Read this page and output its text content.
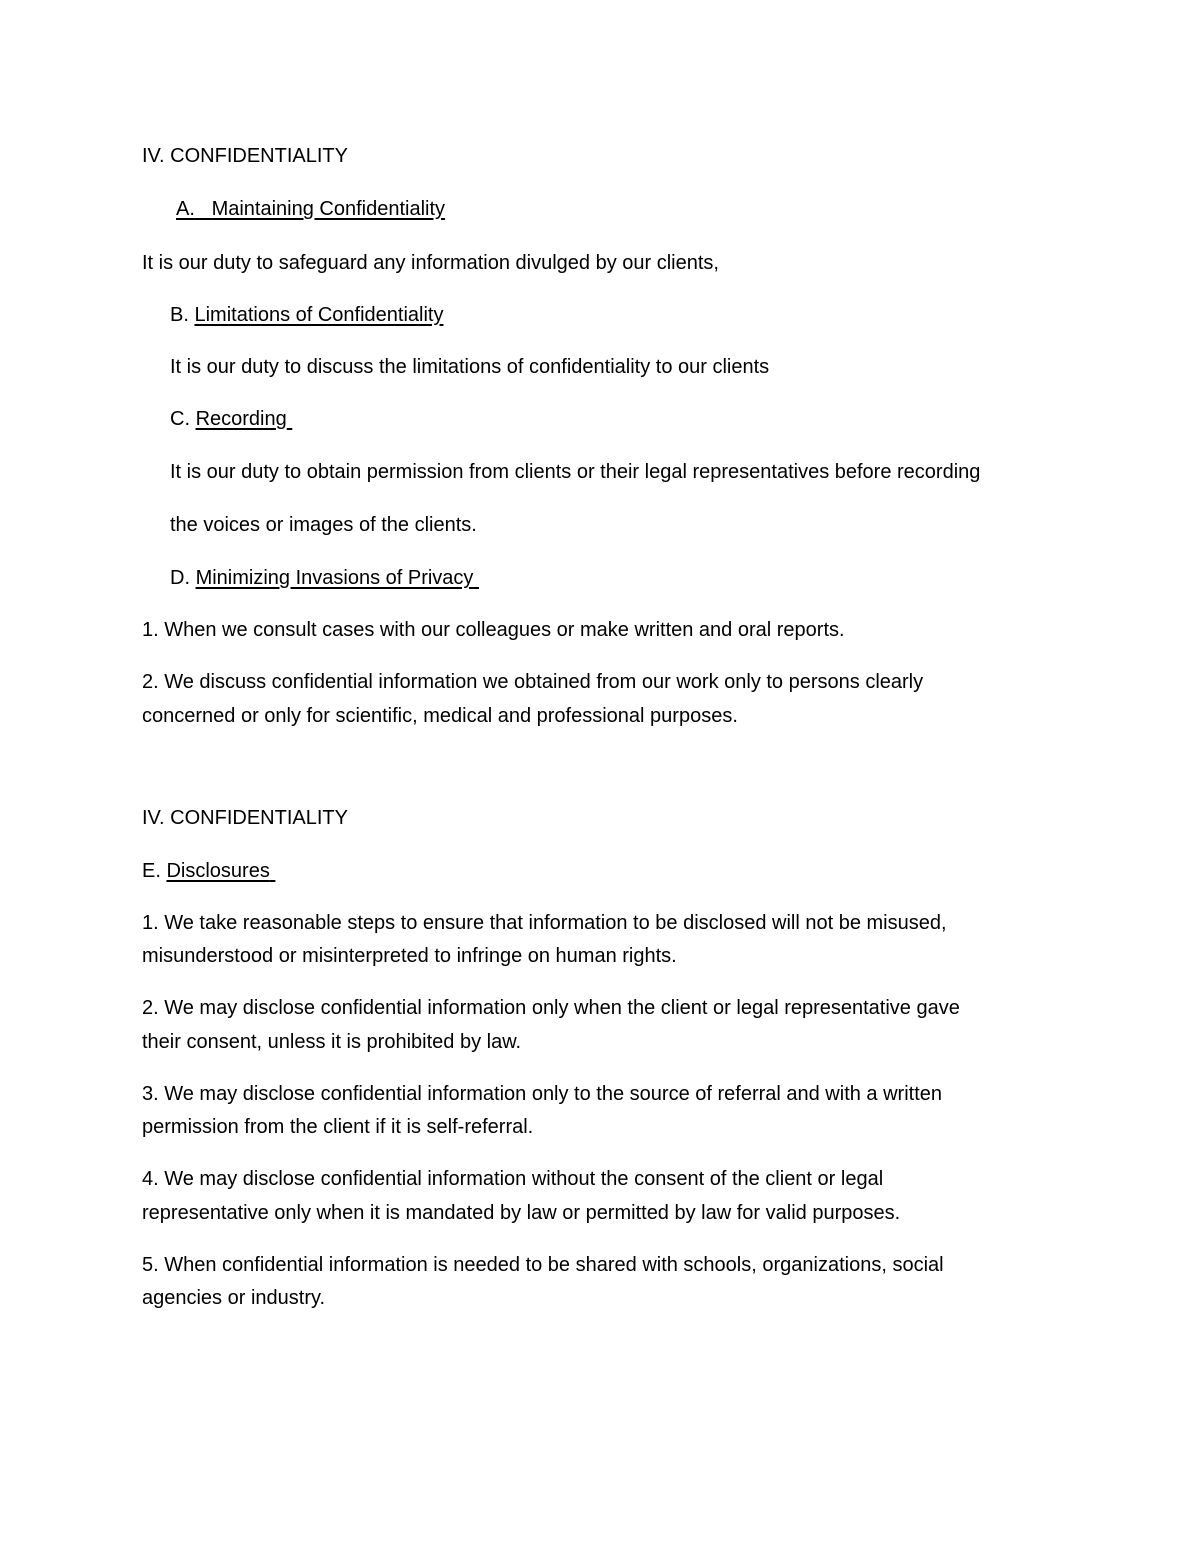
IV. CONFIDENTIALITY
A. Maintaining Confidentiality
It is our duty to safeguard any information divulged by our clients,
B. Limitations of Confidentiality
It is our duty to discuss the limitations of confidentiality to our clients
C. Recording
It is our duty to obtain permission from clients or their legal representatives before recording
the voices or images of the clients.
D. Minimizing Invasions of Privacy
1. When we consult cases with our colleagues or make written and oral reports.
2. We discuss confidential information we obtained from our work only to persons clearly
concerned or only for scientific, medical and professional purposes.
IV. CONFIDENTIALITY
E. Disclosures
1. We take reasonable steps to ensure that information to be disclosed will not be misused,
misunderstood or misinterpreted to infringe on human rights.
2. We may disclose confidential information only when the client or legal representative gave
their consent, unless it is prohibited by law.
3. We may disclose confidential information only to the source of referral and with a written
permission from the client if it is self-referral.
4. We may disclose confidential information without the consent of the client or legal
representative only when it is mandated by law or permitted by law for valid purposes.
5. When confidential information is needed to be shared with schools, organizations, social
agencies or industry.
